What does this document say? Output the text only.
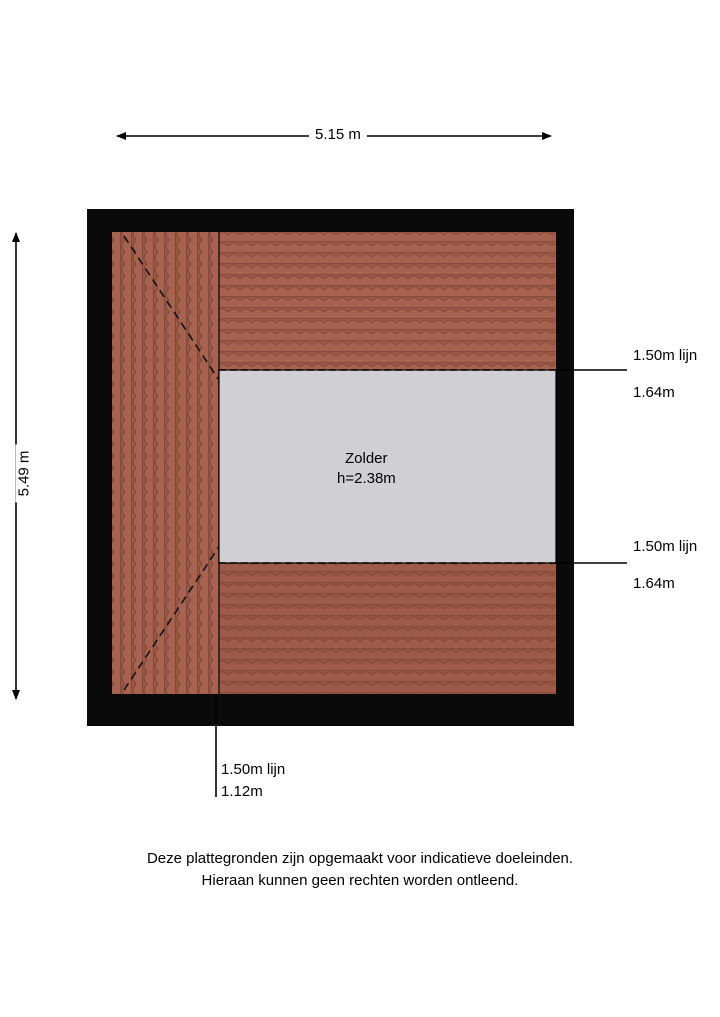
5.15 m
5.49 m
1.50m lijn
1.64m
1.50m lijn
1.64m
1.50m lijn
1.12m
Zolder
h=2.38m
Deze plattegronden zijn opgemaakt voor indicatieve doeleinden.
Hieraan kunnen geen rechten worden ontleend.
